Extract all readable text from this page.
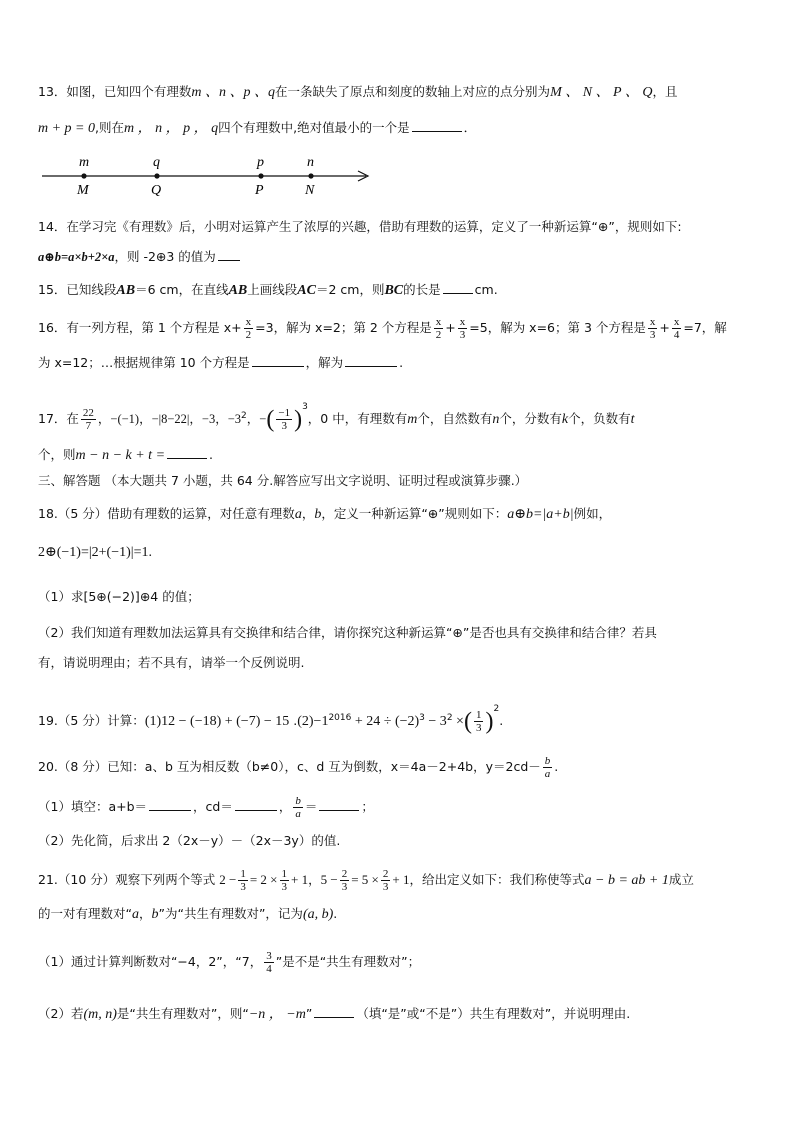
13．如图，已知四个有理数m 、n 、p 、q在一条缺失了原点和刻度的数轴上对应的点分别为M 、 N 、 P 、 Q，且
m + p = 0,则在m ， n ， p ， q四个有理数中,绝对值最小的一个是	．
m
M
q
Q
p
P
n
N
14．在学习完《有理数》后，小明对运算产生了浓厚的兴趣，借助有理数的运算，定义了一种新运算“⊕”，规则如下:
a⊕b=a×b+2×a，则 -2⊕3 的值为
15．已知线段AB＝6 cm，在直线AB上画线段AC＝2 cm，则BC的长是	cm.
16．有一列方程，第 1 个方程是 $x+ \frac{x}{2} =3$，解为 x=2；第 2 个方程是 $\frac{x}{2} + \frac{x}{3} =5$，解为 x=6；第 3 个方程是 $\frac{x}{3} + \frac{x}{4} =7$，解
为 x=12；…根据规律第 10 个方程是	，解为	.
17．在 $\frac{22}{7}$ ，−(−1)，−|8−22|，−3，$-3^2$，−( $\frac{-1}{3} )^3$，0 中，有理数有m个，自然数有n个，分数有k个，负数有t
个，则m − n − k + t =	.
三、解答题 （本大题共 7 小题，共 64 分.解答应写出文字说明、证明过程或演算步骤.）
18.（5 分）借助有理数的运算，对任意有理数a，b，定义一种新运算“⊕”规则如下：a⊕b=|a+b|例如，
2⊕(−1)=|2+(−1)|=1.
（1）求[5⊕(−2)]⊕4 的值；
（2）我们知道有理数加法运算具有交换律和结合律，请你探究这种新运算“⊕”是否也具有交换律和结合律？若具
有，请说明理由；若不具有，请举一个反例说明.
19.（5 分）计算：(1)12 − (−18) + (−7) − 15 $.(2)-1^{2016} + 24 \div (-2)^3 - 3^2$ ×( $\frac{1}{3} )^2$.
20.（8 分）已知：a、b 互为相反数（b≠0），c、d 互为倒数，x＝4a－2+4b，$y=2cd- \frac{b}{a}$ .
（1）填空：a+b＝	，cd＝	， $\frac{b}{a}$ ＝	；
（2）先化简，后求出 2（2x－y）－（2x－3y）的值.
21.（10 分）观察下列两个等式 $2 - \frac{1}{3} = 2 \times \frac{1}{3} + 1$，$5 - \frac{2}{3} = 5 \times \frac{2}{3} + 1$，给出定义如下：我们称使等式a − b = ab + 1成立
的一对有理数对“a，b”为“共生有理数对”，记为(a, b).
（1）通过计算判断数对“−4，2”，“7， $\frac{3}{4}$ ”是不是“共生有理数对”；
（2）若(m, n)是“共生有理数对”，则“−n ， −m”	（填“是”或“不是”）共生有理数对”，并说明理由.
